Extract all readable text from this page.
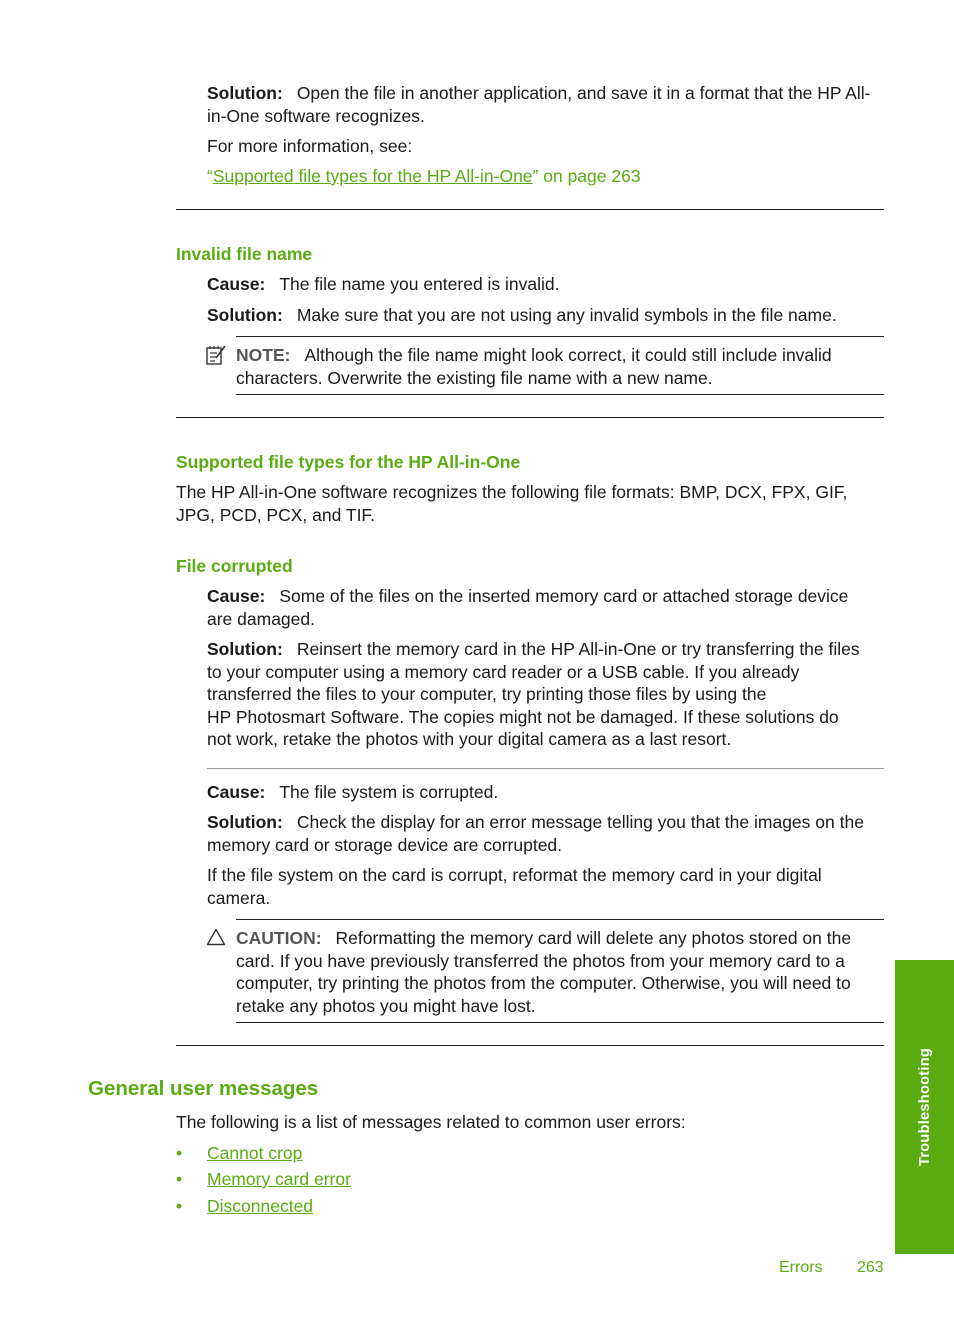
Solution: Open the file in another application, and save it in a format that the HP All-
in-One software recognizes.
For more information, see:
“Supported file types for the HP All-in-One” on page 263
Invalid file name
Cause: The file name you entered is invalid.
Solution: Make sure that you are not using any invalid symbols in the file name.
NOTE: Although the file name might look correct, it could still include invalid
characters. Overwrite the existing file name with a new name.
Supported file types for the HP All-in-One
The HP All-in-One software recognizes the following file formats: BMP, DCX, FPX, GIF,
JPG, PCD, PCX, and TIF.
File corrupted
Cause: Some of the files on the inserted memory card or attached storage device
are damaged.
Solution: Reinsert the memory card in the HP All-in-One or try transferring the files
to your computer using a memory card reader or a USB cable. If you already
transferred the files to your computer, try printing those files by using the
HP Photosmart Software. The copies might not be damaged. If these solutions do
not work, retake the photos with your digital camera as a last resort.
Cause: The file system is corrupted.
Solution: Check the display for an error message telling you that the images on the
memory card or storage device are corrupted.
If the file system on the card is corrupt, reformat the memory card in your digital
camera.
CAUTION: Reformatting the memory card will delete any photos stored on the
card. If you have previously transferred the photos from your memory card to a
computer, try printing the photos from the computer. Otherwise, you will need to
retake any photos you might have lost.
General user messages
The following is a list of messages related to common user errors:
• Cannot crop
• Memory card error
• Disconnected
Troubleshooting
Errors 263
